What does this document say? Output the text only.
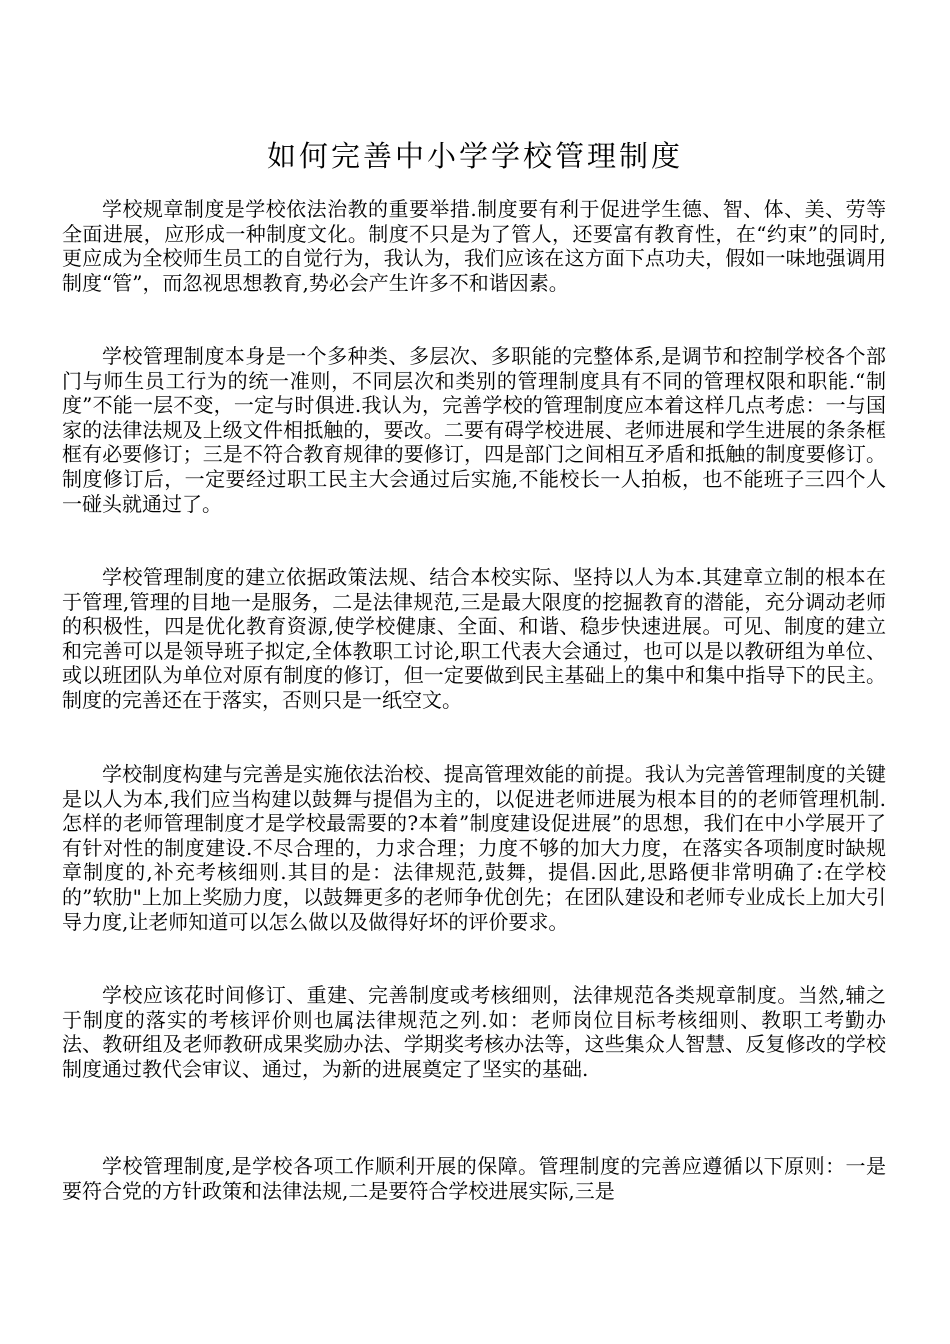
如何完善中小学学校管理制度

学校规章制度是学校依法治教的重要举措.制度要有利于促进学生德、智、体、美、劳等全面进展，应形成一种制度文化。制度不只是为了管人，还要富有教育性，在“约束”的同时,更应成为全校师生员工的自觉行为，我认为，我们应该在这方面下点功夫，假如一味地强调用制度“管”，而忽视思想教育,势必会产生许多不和谐因素。

学校管理制度本身是一个多种类、多层次、多职能的完整体系,是调节和控制学校各个部门与师生员工行为的统一准则，不同层次和类别的管理制度具有不同的管理权限和职能.“制度”不能一层不变，一定与时俱进.我认为，完善学校的管理制度应本着这样几点考虑：一与国家的法律法规及上级文件相抵触的，要改。二要有碍学校进展、老师进展和学生进展的条条框框有必要修订；三是不符合教育规律的要修订，四是部门之间相互矛盾和抵触的制度要修订。制度修订后，一定要经过职工民主大会通过后实施,不能校长一人拍板，也不能班子三四个人一碰头就通过了。

学校管理制度的建立依据政策法规、结合本校实际、坚持以人为本.其建章立制的根本在于管理,管理的目地一是服务，二是法律规范,三是最大限度的挖掘教育的潜能，充分调动老师的积极性，四是优化教育资源,使学校健康、全面、和谐、稳步快速进展。可见、制度的建立和完善可以是领导班子拟定,全体教职工讨论,职工代表大会通过，也可以是以教研组为单位、或以班团队为单位对原有制度的修订，但一定要做到民主基础上的集中和集中指导下的民主。制度的完善还在于落实，否则只是一纸空文。

学校制度构建与完善是实施依法治校、提高管理效能的前提。我认为完善管理制度的关键是以人为本,我们应当构建以鼓舞与提倡为主的，以促进老师进展为根本目的的老师管理机制.怎样的老师管理制度才是学校最需要的?本着”制度建设促进展”的思想，我们在中小学展开了有针对性的制度建设.不尽合理的，力求合理；力度不够的加大力度，在落实各项制度时缺规章制度的,补充考核细则.其目的是：法律规范,鼓舞，提倡.因此,思路便非常明确了:在学校的”软肋"上加上奖励力度，以鼓舞更多的老师争优创先；在团队建设和老师专业成长上加大引导力度,让老师知道可以怎么做以及做得好坏的评价要求。

学校应该花时间修订、重建、完善制度或考核细则，法律规范各类规章制度。当然,辅之于制度的落实的考核评价则也属法律规范之列.如：老师岗位目标考核细则、教职工考勤办法、教研组及老师教研成果奖励办法、学期奖考核办法等，这些集众人智慧、反复修改的学校制度通过教代会审议、通过，为新的进展奠定了坚实的基础.

学校管理制度,是学校各项工作顺利开展的保障。管理制度的完善应遵循以下原则：一是要符合党的方针政策和法律法规,二是要符合学校进展实际,三是
